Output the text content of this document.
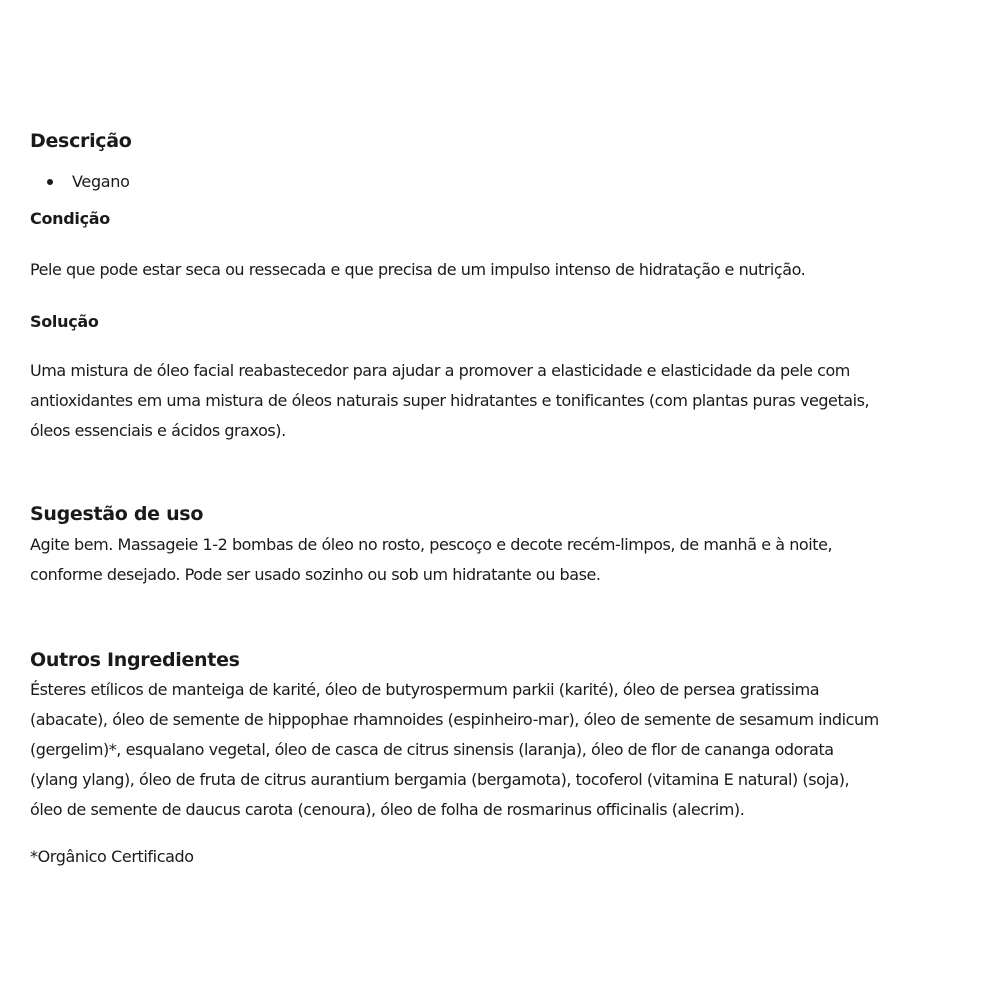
Descrição
Vegano
Condição

Pele que pode estar seca ou ressecada e que precisa de um impulso intenso de hidratação e nutrição.

Solução

Uma mistura de óleo facial reabastecedor para ajudar a promover a elasticidade e elasticidade da pele com

antioxidantes em uma mistura de óleos naturais super hidratantes e tonificantes (com plantas puras vegetais,

óleos essenciais e ácidos graxos).

Sugestão de uso

Agite bem. Massageie 1-2 bombas de óleo no rosto, pescoço e decote recém-limpos, de manhã e à noite,

conforme desejado. Pode ser usado sozinho ou sob um hidratante ou base.

Outros Ingredientes

Ésteres etílicos de manteiga de karité, óleo de butyrospermum parkii (karité), óleo de persea gratissima

(abacate), óleo de semente de hippophae rhamnoides (espinheiro-mar), óleo de semente de sesamum indicum

(gergelim)*, esqualano vegetal, óleo de casca de citrus sinensis (laranja), óleo de flor de cananga odorata

(ylang ylang), óleo de fruta de citrus aurantium bergamia (bergamota), tocoferol (vitamina E natural) (soja),

óleo de semente de daucus carota (cenoura), óleo de folha de rosmarinus officinalis (alecrim).

*Orgânico Certificado
